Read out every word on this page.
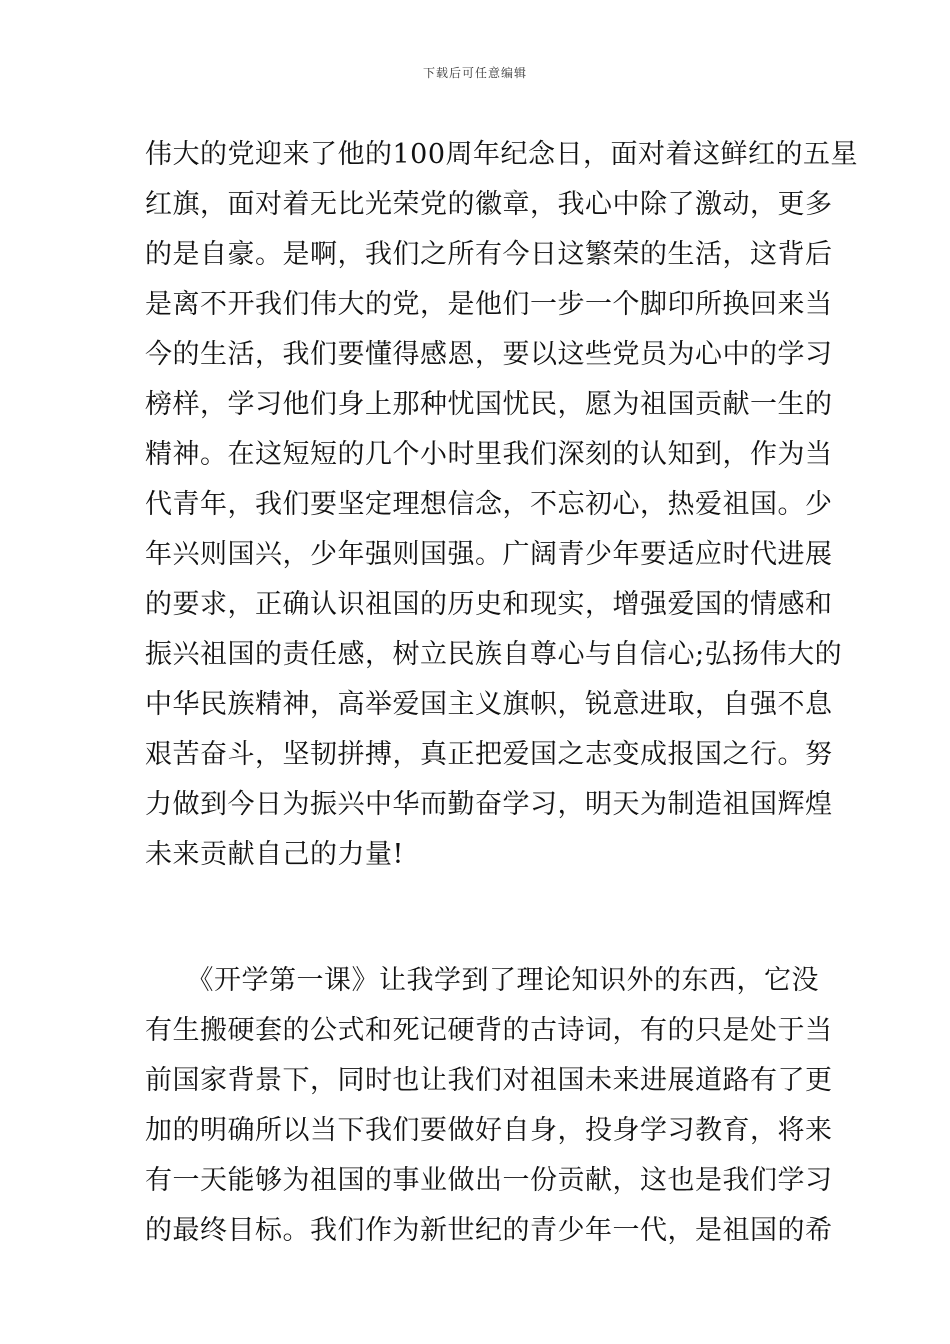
下载后可任意编辑
伟大的党迎来了他的100周年纪念日，面对着这鲜红的五星
红旗，面对着无比光荣党的徽章，我心中除了激动，更多
的是自豪。是啊，我们之所有今日这繁荣的生活，这背后
是离不开我们伟大的党，是他们一步一个脚印所换回来当
今的生活，我们要懂得感恩，要以这些党员为心中的学习
榜样，学习他们身上那种忧国忧民，愿为祖国贡献一生的
精神。在这短短的几个小时里我们深刻的认知到，作为当
代青年，我们要坚定理想信念，不忘初心，热爱祖国。少
年兴则国兴，少年强则国强。广阔青少年要适应时代进展
的要求，正确认识祖国的历史和现实，增强爱国的情感和
振兴祖国的责任感，树立民族自尊心与自信心;弘扬伟大的
中华民族精神，高举爱国主义旗帜，锐意进取，自强不息
艰苦奋斗，坚韧拼搏，真正把爱国之志变成报国之行。努
力做到今日为振兴中华而勤奋学习，明天为制造祖国辉煌
未来贡献自己的力量!
　　《开学第一课》让我学到了理论知识外的东西，它没
有生搬硬套的公式和死记硬背的古诗词，有的只是处于当
前国家背景下，同时也让我们对祖国未来进展道路有了更
加的明确所以当下我们要做好自身，投身学习教育，将来
有一天能够为祖国的事业做出一份贡献，这也是我们学习
的最终目标。我们作为新世纪的青少年一代，是祖国的希
